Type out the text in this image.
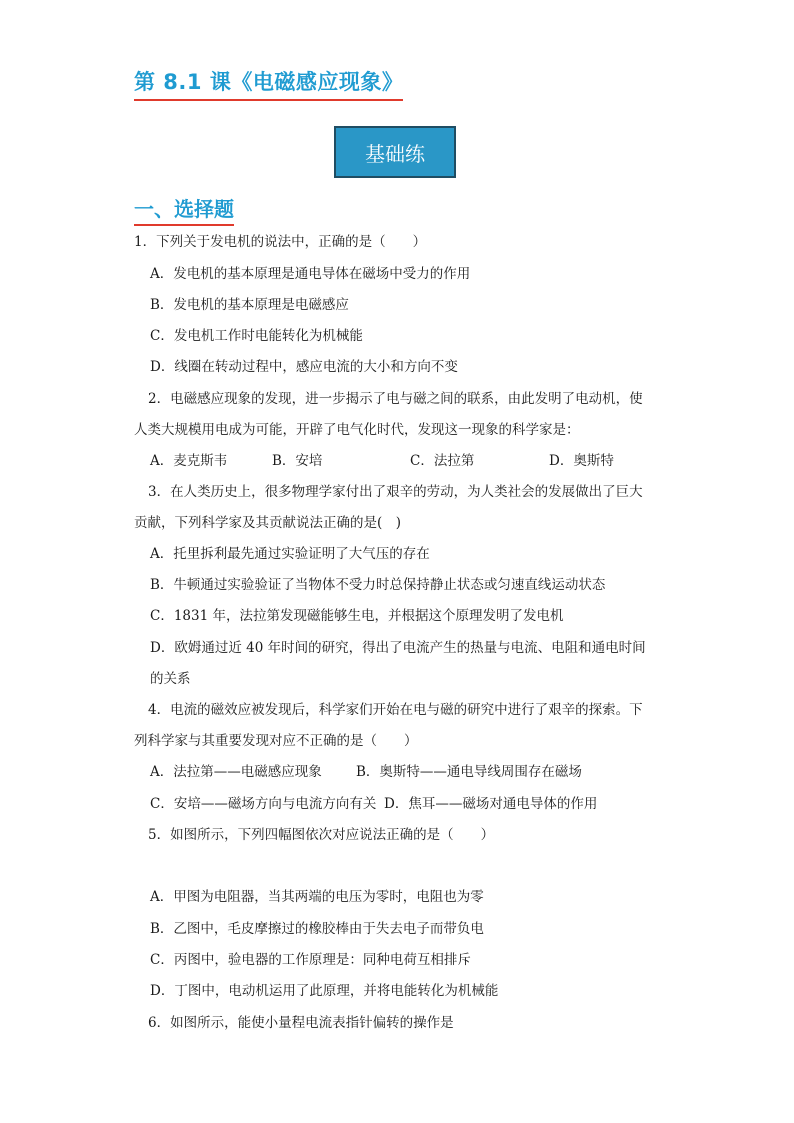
第 8.1 课《电磁感应现象》
基础练
一、选择题
1．下列关于发电机的说法中，正确的是（　　）
A．发电机的基本原理是通电导体在磁场中受力的作用
B．发电机的基本原理是电磁感应
C．发电机工作时电能转化为机械能
D．线圈在转动过程中，感应电流的大小和方向不变
2．电磁感应现象的发现，进一步揭示了电与磁之间的联系，由此发明了电动机，使
人类大规模用电成为可能，开辟了电气化时代，发现这一现象的科学家是：
A．麦克斯韦	B．安培	C．法拉第	D．奥斯特
3．在人类历史上，很多物理学家付出了艰辛的劳动，为人类社会的发展做出了巨大
贡献，下列科学家及其贡献说法正确的是(　)
A．托里拆利最先通过实验证明了大气压的存在
B．牛顿通过实验验证了当物体不受力时总保持静止状态或匀速直线运动状态
C．1831 年，法拉第发现磁能够生电，并根据这个原理发明了发电机
D．欧姆通过近 40 年时间的研究，得出了电流产生的热量与电流、电阻和通电时间
的关系
4．电流的磁效应被发现后，科学家们开始在电与磁的研究中进行了艰辛的探索。下
列科学家与其重要发现对应不正确的是（　　）
A．法拉第——电磁感应现象	B．奥斯特——通电导线周围存在磁场
C．安培——磁场方向与电流方向有关 D．焦耳——磁场对通电导体的作用
5．如图所示，下列四幅图依次对应说法正确的是（　　）
A．甲图为电阻器，当其两端的电压为零时，电阻也为零
B．乙图中，毛皮摩擦过的橡胶棒由于失去电子而带负电
C．丙图中，验电器的工作原理是：同种电荷互相排斥
D．丁图中，电动机运用了此原理，并将电能转化为机械能
6．如图所示，能使小量程电流表指针偏转的操作是
